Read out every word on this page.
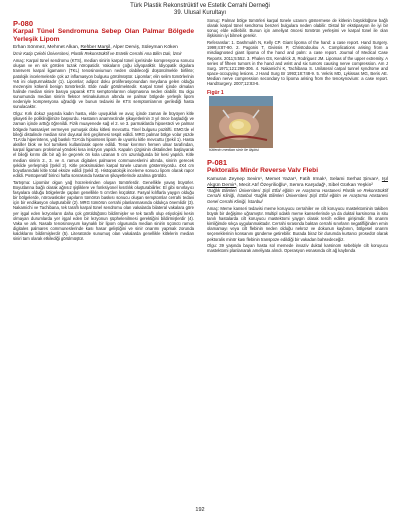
Türk Plastik Rekonstrüktif ve Estetik Cerrahi Derneği
39. Ulusal Kurultayı
P-080
Karpal Tünel Sendromuna Sebep Olan Palmar Bölgede Yerleşik Lipom
Erhan Sönmez, Mehmet Alkan, Rehber Marşil, Alper Derviş, Süleyman Köken
İzmir Katip Çelebi Üniversitesi, Plastik Rekonstrüktif ve Estetik Cerrahi Ana Bilim Dalı, İzmir

Amaç: Karpal tünel sendromu (KTS), median sinirin karpal tünel içerisinde kompresyonu sonucu oluşan ve en sık görülen tuzak nöropatidir. Vakaların çoğu idiyopatiktir. İdiyopatik olgulara transvers karpal ligamanın (TKL) tenosinoviumun neden olabileceği düşünülmekle birlikte; patolojik incelemelerde çok az inflamasyon bulgusu görülmüştür. Lipomlar; elin selim tümörlerinin %5 ini oluşturmaktadır (1). Lipomlar; adipoz doku proliferasyonundan meydana gelen olduğu mezenşim kökenli benign tümörlerdir. Elde nadir görülmektedir. Karpal tünel içinde olmaları halinde median sinire basıya yaparak KTS semptomlarının oluşmasına neden olabilir. Bu olgu sunumunda median sinirin fleksor retinakulumun altında ve palmar bölgede yerleşik lipom nedeniyle kompresyona uğradığı ve bunun tedavisi ile KTS semptomlarının gerilediği hasta sunulacaktır.

Olgu: Kırk dokuz yaşında kadın hasta, elde uyuşukluk ve avuç içinde zaman ile büyüyen kitle şikayeti ile polikliniğimize başvurdu. Hastanın anamnezinde şikayetlerinin 3 yıl önce başladığı ve zaman içinde arttığı öğrenildi. Fizik muayenede sağ el 2. ve 3. parmaklarda hipoestezi ve palmar bölgede hassasiyet vermeyen yumuşak doku kitlesi mevcuttu. Tinel bulgusu pozitifti. EMG'de el bileği distalinde median sinir duyusal ileti geçikmesi tespit edildi. MRG palmar bölge volar yüzde T1A'da hiperintens, yağ baskılı T2A'da hipointens lipom ile uyumlu kitle mevcuttu (Şekil 1). Hasta aksiller blok ve kol turnikesi kullanılarak opere edildi. Tenar kıvrımın hemen ulnar tarafından, karpal ligamanı proksimal yöndeki kısa insizyon yapıldı. Kapalın çizgisinin distalinden başlayarak el bileği kırımı dik bir ağ ile geçerek ön kola uzanan 5 cm uzunluğunda bir kesi yapıldı. Kitle median sinirin 2., 3. ve 4. ramus digitales palmares communeslerini altında, sinirin gerecek şekilde yerleşmişti (Şekil 2). Kitle proksimalden karpal tünele uzanım göstermiyordu. 4X4 cm boyutlarındaki kitle total eksize edildi (Şekil 3). Histopatolojik inceleme sonucu lipom olarak rapor edildi. Postoperatif birinci hafta sonrasında hastanın şikayetlerinde azalma görüldü.

Tartışma: Lipomlar olgun yağ hücrelerinden oluşan tümörlerdir. Genellikle yavaş büyürler. Boyutlarına bağlı olarak ağrısız şişliklere ve fonksiyonel kısıtlılık oluşturabilirler. El gibi sınırlayıcı fasyalara olduğu bölgelerde çapları genellikle 5 cm'den küçüktür. Fasyal kılıflarla yaygın olduğu bir bölgelerde, nörovasküler yapıların tümörün baskısı sonucu oluşan semptomlar cerrahi tedavi için bir endikasyon oluşturabilir (2). MRG tümörün cerrahi planlanmasında oldukça önemlidir (3). Nakamichi ve Tachibana, tek taraflı karpal tünel sendromu olan vakalarda bilateral vakalara göre yer işgal eden lezyonların daha çok görüldüğünü bildirmişler ve tek taraflı olup etiyolojisi kesin olmayan durumlarda yer işgal eden bir lezyonun şüphelenilmesi gerektiğini bildirmişlerdir (4). Vaka ve ark. Nasabı tenosinovyum kaynaklı bir lipom olgusunda median sinirin üçüncü ramus digitales palmares communeslerinde kası hasar geliştiğini ve sinir onarımı yapmak zorunda kaldıklarını bildirmişlerdir (5). Literatürde sunumuş olan vakalarda genellikle kitlelerin median siniri tam olarak etkilediği görülmüştür.

Sonuç: Palmar bölge tümörleri karpal tünele uzanım göstermese de kitlenin büyüklüğüne bağlı olarak karpal tünel sendromu benzeri bulgulara neden olabilir. Distal bir ekstipasyon ile iyi bir sonuç elde edilebilir. Bunun için ameliyat öncesi tümörün yerleşimi ve karpal tünel ile olan ilişkisinin iyi bilmek gerekir.

Referanslar: 1. Dashmukh N, Kelly CP. Giant lipoma of the hand: a case report. Hand Surgery. 1999;4:87-90. 2. Pagonis T, Givissis P, Christodoulou A. Complications arising from a misdiagnosed giant lipoma of the hand and palm: a case report. Journal of Medical Case Reports. 2011;5:552. 3. Phalen GS, Kendrick JI, Rodriguez JM. Lipomas of the upper extremity. A series of fifteen tumors in the hand and wrist and six tumors causing nerve compression. Am J Surg. 1971;121:298-306. 4. Nakamichi K, Tachibana S. Unilateral carpal tunnel syndrome and space-occupying lesions. J Hand Surg Br 1993;18:748-9. 5. Vekris MD, Lykissas MG, Beris AE. Median nerve compression secondary to lipoma arising from the tenosynovium: a case report. HandSurgery. 2007;12:83-6.

Figür 1
Kitlenin median sinir ile ilişkisi
P-081
Pektoralis Minör Reverse Valv Flebi
Kamuran Zeynep Sevim¹, Memet Yazar¹, Fatih Irmak¹, Selami Serhat Şirvan¹, Işıl Akgün Demir¹, Mecit Atıf Özeyrilioğlu¹, Semra Karşıdağ¹, Sibel Gürkan Yeşkin²
¹Sağlık Bilimleri Üniversitesi Şişli Etfal eğitim ve Araştırma Hastanesi Plastik ve Rekonstrüktif Cerrahi Kliniği, İstanbul ²Sağlık Bilimleri Üniversitesi Şişli Etfal eğitim ve Araştırma Hastanesi Genel Cerrahi Kliniği, İstanbul

Amaç: Meme kanseri tedavisi meme koruyucu cerrahiler ve cilt koruyucu mastektominin takiben büyük bir değişime uğramıştır. Multipl odaklı meme kanserlerinde ya da duktal karsinoma in situ tanılı hastalarda cilt koruyucu mastektomi yaygın olarak tercih edilen girişimdir. İlk onarım kimliğimde sıkça uygulanmaktadır. Cerrahi sırasında baktan cerrahi sınırların negatifliğinden emin olamamayı veya cilt flebinin neden olduğu nekroz ve dokunun kaybının, bölgesel onarım seçeneklerinin konsanını gündeme getirebilir. Burada biraz bir durumda kurtarıcı prosedür olarak pektoralis minör kası flebinin transpoze edildiği bir vakadan bahsedeceğiz.

Olgu: 39 yaşında bayan hasta sol memede invaziv duktal karsinom sebebiyle cilt koruyucu mastektomi planlanarak ameliyata alındı. Operasyon esnasında cilt ağ kaybında

192
